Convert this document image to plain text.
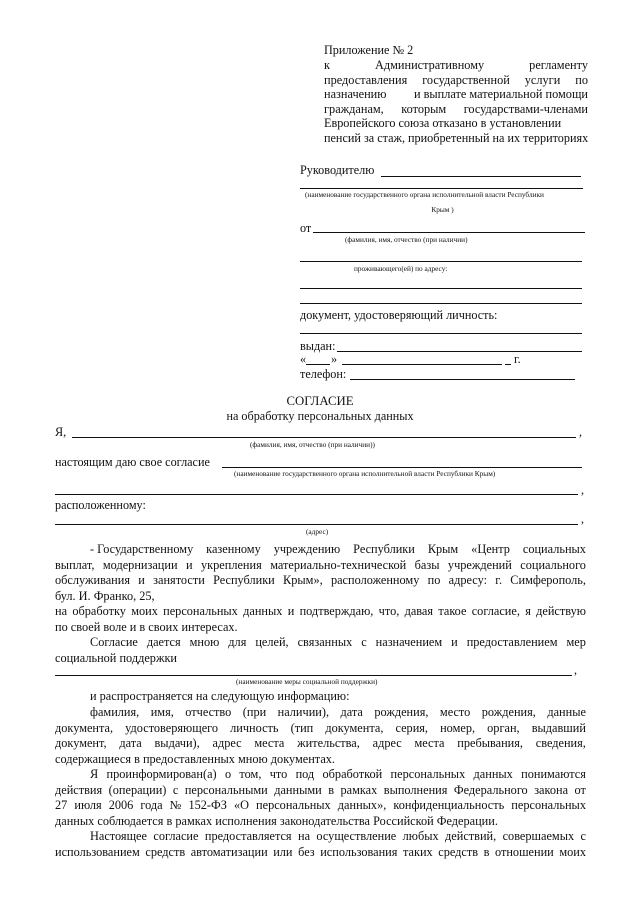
Приложение № 2
к	Административному	регламенту
предоставления государственной услуги по
назначению и выплате материальной помощи
гражданам, которым государствами-членами
Европейского союза отказано в установлении
пенсий за стаж, приобретенный на их территориях
Руководителю
(наименование государственного органа исполнительной власти Республики
Крым )
от
(фамилия, имя, отчество (при наличии)
проживающего(ей) по адресу:
документ, удостоверяющий личность:
выдан:
« »	г.
телефон:
СОГЛАСИЕ
на обработку персональных данных
Я,	,
(фамилия, имя, отчество (при наличии))
настоящим даю свое согласие
(наименование государственного органа исполнительной власти Республики Крым)
,
расположенному:
,
(адрес)
- Государственному казенному учреждению Республики Крым «Центр социальных
выплат, модернизации и укрепления материально-технической базы учреждений социального
обслуживания и занятости Республики Крым», расположенному по адресу: г. Симферополь,
бул. И. Франко, 25,
на обработку моих персональных данных и подтверждаю, что, давая такое согласие, я действую
по своей воле и в своих интересах.
Согласие дается мною для целей, связанных с назначением и предоставлением мер
социальной поддержки
,
(наименование меры социальной поддержки)
и распространяется на следующую информацию:
фамилия, имя, отчество (при наличии), дата рождения, место рождения, данные
документа, удостоверяющего личность (тип документа, серия, номер, орган, выдавший
документ, дата выдачи), адрес места жительства, адрес места пребывания, сведения,
содержащиеся в предоставленных мною документах.
Я проинформирован(а) о том, что под обработкой персональных данных понимаются
действия (операции) с персональными данными в рамках выполнения Федерального закона от
27 июля 2006 года № 152-ФЗ «О персональных данных», конфиденциальность персональных
данных соблюдается в рамках исполнения законодательства Российской Федерации.
Настоящее согласие предоставляется на осуществление любых действий, совершаемых с
использованием средств автоматизации или без использования таких средств в отношении моих
